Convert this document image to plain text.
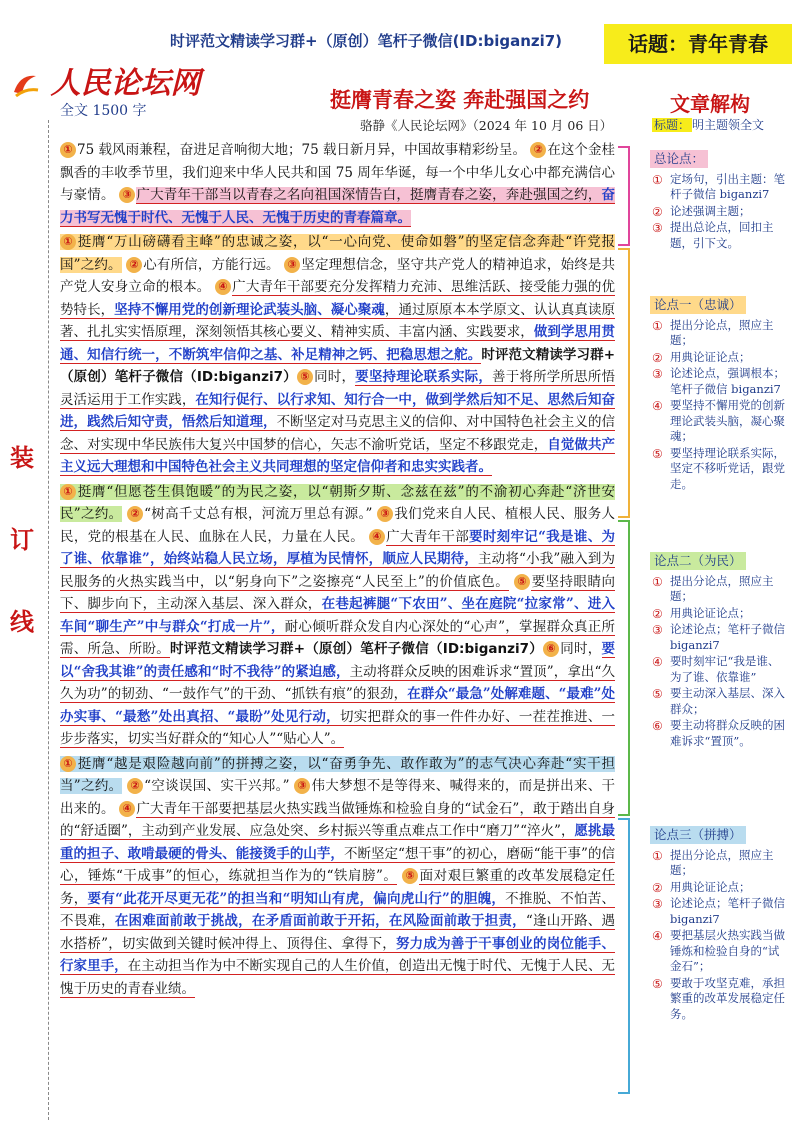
时评范文精读学习群+（原创）笔杆子微信(ID:biganzi7)	话题：青年青春
人民论坛网
全文 1500 字	挺膺青春之姿 奔赴强国之约
骆静《人民论坛网》（2024 年 10 月 06 日）
装
订
线

① 75 载风雨兼程，奋进足音响彻大地；75 载日新月异，中国故事精彩纷呈。 ② 在这个金桂飘香的丰收季节里，我们迎来中华人民共和国 75 周年华诞，每一个中华儿女心中都充满信心与豪情。 ③ 广大青年干部当以青春之名向祖国深情告白，挺膺青春之姿，奔赴强国之约，奋力书写无愧于时代、无愧于人民、无愧于历史的青春篇章。

① 挺膺“万山磅礴看主峰”的忠诚之姿，以“一心向党、使命如磐”的坚定信念奔赴“许党报国”之约。 ② 心有所信，方能行远。 ③ 坚定理想信念，坚守共产党人的精神追求，始终是共产党人安身立命的根本。 ④ 广大青年干部要充分发挥精力充沛、思维活跃、接受能力强的优势特长，坚持不懈用党的创新理论武装头脑、凝心聚魂，通过原原本本学原文、认认真真读原著、扎扎实实悟原理，深刻领悟其核心要义、精神实质、丰富内涵、实践要求，做到学思用贯通、知信行统一，不断筑牢信仰之基、补足精神之钙、把稳思想之舵。时评范文精读学习群+（原创）笔杆子微信（ID:biganzi7） ⑤ 同时，要坚持理论联系实际，善于将所学所思所悟灵活运用于工作实践，在知行促行、以行求知、知行合一中，做到学然后知不足、思然后知奋进，践然后知守责，悟然后知道理，不断坚定对马克思主义的信仰、对中国特色社会主义的信念、对实现中华民族伟大复兴中国梦的信心，矢志不渝听党话，坚定不移跟党走，自觉做共产主义远大理想和中国特色社会主义共同理想的坚定信仰者和忠实实践者。

① 挺膺“但愿苍生俱饱暖”的为民之姿，以“朝斯夕斯、念兹在兹”的不渝初心奔赴“济世安民”之约。 ② “树高千丈总有根，河流万里总有源。” ③ 我们党来自人民、植根人民、服务人民，党的根基在人民、血脉在人民，力量在人民。 ④ 广大青年干部要时刻牢记“我是谁、为了谁、依靠谁”，始终站稳人民立场，厚植为民情怀，顺应人民期待，主动将“小我”融入到为民服务的火热实践当中，以“躬身向下”之姿擦亮“人民至上”的价值底色。 ⑤ 要坚持眼睛向下、脚步向下，主动深入基层、深入群众，在巷起裤腿“下农田”、坐在庭院“拉家常”、进入车间“聊生产”中与群众“打成一片”，耐心倾听群众发自内心深处的“心声”，掌握群众真正所需、所急、所盼。时评范文精读学习群+（原创）笔杆子微信（ID:biganzi7） ⑥ 同时，要以“舍我其谁”的责任感和“时不我待”的紧迫感，主动将群众反映的困难诉求“置顶”，拿出“久久为功”的韧劲、“一鼓作气”的干劲、“抓铁有痕”的狠劲，在群众“最急”处解难题、“最难”处办实事、“最愁”处出真招、“最盼”处见行动，切实把群众的事一件件办好、一茬茬推进、一步步落实，切实当好群众的“知心人”“贴心人”。

① 挺膺“越是艰险越向前”的拼搏之姿，以“奋勇争先、敢作敢为”的志气决心奔赴“实干担当”之约。 ② “空谈误国、实干兴邦。” ③ 伟大梦想不是等得来、喊得来的，而是拼出来、干出来的。 ④ 广大青年干部要把基层火热实践当做锤炼和检验自身的“试金石”，敢于踏出自身的“舒适圈”，主动到产业发展、应急处突、乡村振兴等重点难点工作中“磨刀”“淬火”，愿挑最重的担子、敢啃最硬的骨头、能接烫手的山芋，不断坚定“想干事”的初心，磨砺“能干事”的信心，锤炼“干成事”的恒心，练就担当作为的“铁肩膀”。 ⑤ 面对艰巨繁重的改革发展稳定任务，要有“此花开尽更无花”的担当和“明知山有虎，偏向虎山行”的胆魄，不推脱、不怕苦、不畏难，在困难面前敢于挑战，在矛盾面前敢于开拓，在风险面前敢于担责，“逢山开路、遇水搭桥”，切实做到关键时候冲得上、顶得住、拿得下，努力成为善于干事创业的岗位能手、行家里手，在主动担当作为中不断实现自己的人生价值，创造出无愧于时代、无愧于人民、无愧于历史的青春业绩。

文章解构
标题： 明主题领全文
总论点：
① 定场句，引出主题：笔杆子微信 biganzi7
② 论述强调主题；
③ 提出总论点，回扣主题，引下文。
论点一（忠诚）
① 提出分论点，照应主题；
② 用典论证论点；
③ 论述论点，强调根本；笔杆子微信 biganzi7
④ 要坚持不懈用党的创新理论武装头脑，凝心聚魂；
⑤ 要坚持理论联系实际，坚定不移听党话，跟党走。
论点二（为民）
① 提出分论点，照应主题；
② 用典论证论点；
③ 论述论点；笔杆子微信 biganzi7
④ 要时刻牢记“我是谁、为了谁、依靠谁”
⑤ 要主动深入基层、深入群众；
⑥ 要主动将群众反映的困难诉求“置顶”。
论点三（拼搏）
① 提出分论点，照应主题；
② 用典论证论点；
③ 论述论点；笔杆子微信 biganzi7
④ 要把基层火热实践当做锤炼和检验自身的“试金石”；
⑤ 要敢于攻坚克难，承担繁重的改革发展稳定任务。
